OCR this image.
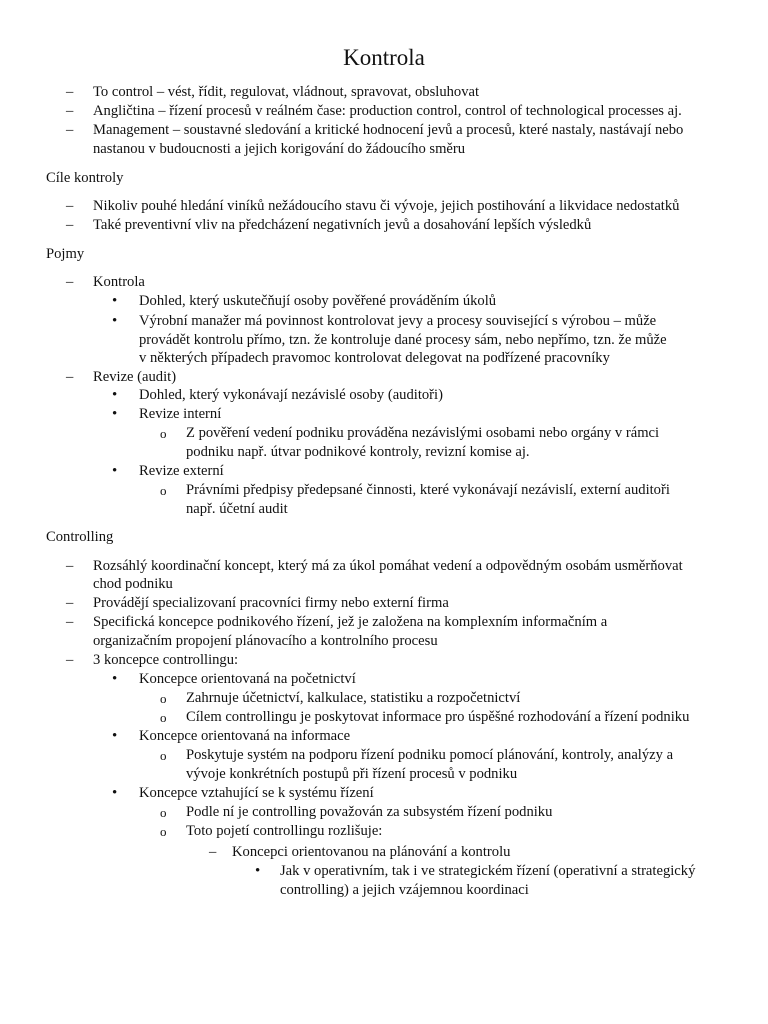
Kontrola
– To control – vést, řídit, regulovat, vládnout, spravovat, obsluhovat
– Angličtina – řízení procesů v reálném čase: production control, control of technological processes aj.
– Management – soustavné sledování a kritické hodnocení jevů a procesů, které nastaly, nastávají nebo
nastanou v budoucnosti a jejich korigování do žádoucího směru
Cíle kontroly
– Nikoliv pouhé hledání viníků nežádoucího stavu či vývoje, jejich postihování a likvidace nedostatků
– Také preventivní vliv na předcházení negativních jevů a dosahování lepších výsledků
Pojmy
– Kontrola
• Dohled, který uskutečňují osoby pověřené prováděním úkolů
• Výrobní manažer má povinnost kontrolovat jevy a procesy související s výrobou – může
provádět kontrolu přímo, tzn. že kontroluje dané procesy sám, nebo nepřímo, tzn. že může
v některých případech pravomoc kontrolovat delegovat na podřízené pracovníky
– Revize (audit)
• Dohled, který vykonávají nezávislé osoby (auditoři)
• Revize interní
o Z pověření vedení podniku prováděna nezávislými osobami nebo orgány v rámci
podniku např. útvar podnikové kontroly, revizní komise aj.
• Revize externí
o Právními předpisy předepsané činnosti, které vykonávají nezávislí, externí auditoři
např. účetní audit
Controlling
– Rozsáhlý koordinační koncept, který má za úkol pomáhat vedení a odpovědným osobám usměrňovat
chod podniku
– Provádějí specializovaní pracovníci firmy nebo externí firma
– Specifická koncepce podnikového řízení, jež je založena na komplexním informačním a
organizačním propojení plánovacího a kontrolního procesu
– 3 koncepce controllingu:
• Koncepce orientovaná na početnictví
o Zahrnuje účetnictví, kalkulace, statistiku a rozpočetnictví
o Cílem controllingu je poskytovat informace pro úspěšné rozhodování a řízení podniku
• Koncepce orientovaná na informace
o Poskytuje systém na podporu řízení podniku pomocí plánování, kontroly, analýzy a
vývoje konkrétních postupů při řízení procesů v podniku
• Koncepce vztahující se k systému řízení
o Podle ní je controlling považován za subsystém řízení podniku
o Toto pojetí controllingu rozlišuje:
– Koncepci orientovanou na plánování a kontrolu
• Jak v operativním, tak i ve strategickém řízení (operativní a strategický
controlling) a jejich vzájemnou koordinaci
